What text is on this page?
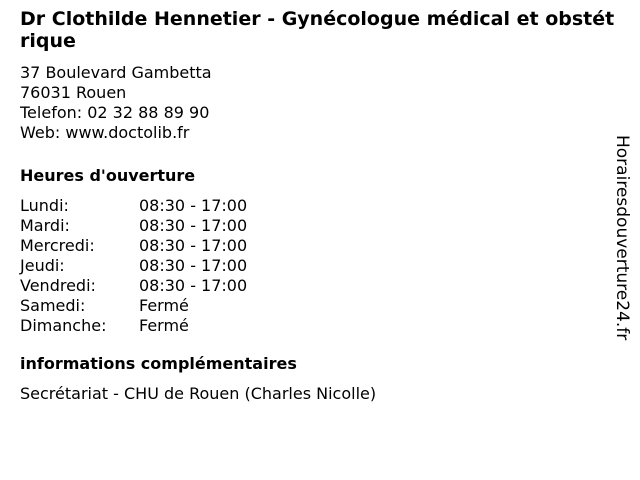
Dr Clothilde Hennetier - Gynécologue médical et obstétrique
37 Boulevard Gambetta
76031 Rouen
Telefon: 02 32 88 89 90
Web: www.doctolib.fr
Heures d'ouverture
Lundi:	08:30 - 17:00
Mardi:	08:30 - 17:00
Mercredi:	08:30 - 17:00
Jeudi:	08:30 - 17:00
Vendredi:	08:30 - 17:00
Samedi:	Fermé
Dimanche:	Fermé
informations complémentaires
Secrétariat - CHU de Rouen (Charles Nicolle)
Horairesdouverture24.fr
